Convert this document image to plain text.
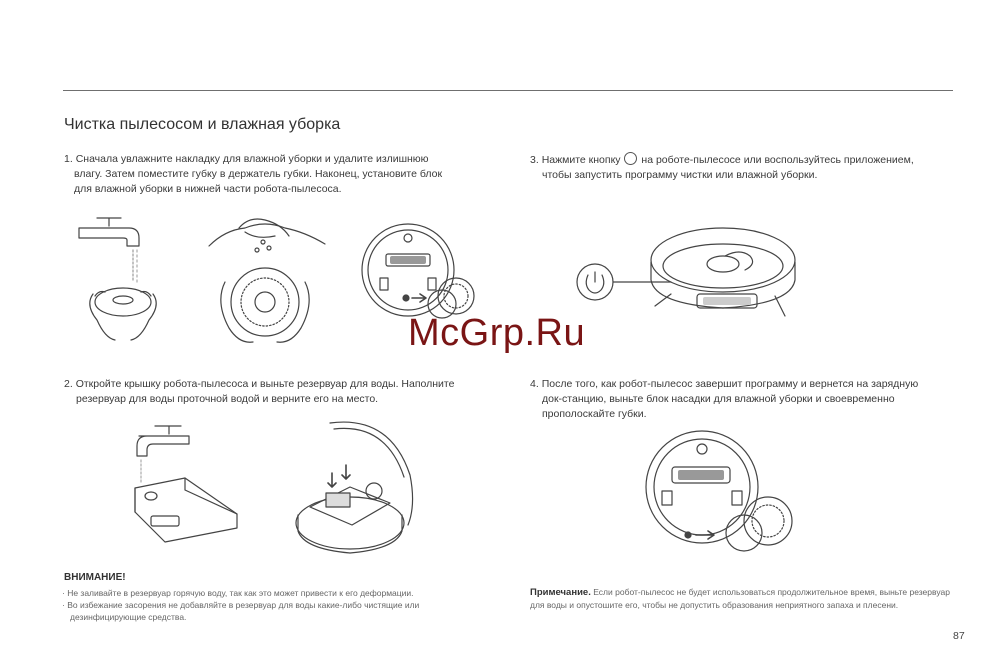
Чистка пылесосом и влажная уборка
1. Сначала увлажните накладку для влажной уборки и удалите излишнюю
влагу. Затем поместите губку в держатель губки. Наконец, установите блок
для влажной уборки в нижней части робота-пылесоса.
3. Нажмите кнопку на роботе-пылесосе или воспользуйтесь приложением,
чтобы запустить программу чистки или влажной уборки.
2. Откройте крышку робота-пылесоса и выньте резервуар для воды. Наполните
резервуар для воды проточной водой и верните его на место.
4. После того, как робот-пылесос завершит программу и вернется на зарядную
док-станцию, выньте блок насадки для влажной уборки и своевременно
прополоскайте губки.
McGrp.Ru
ВНИМАНИЕ!
· Не заливайте в резервуар горячую воду, так как это может привести к его деформации.
· Во избежание засорения не добавляйте в резервуар для воды какие-либо чистящие или
дезинфицирующие средства.
Примечание. Если робот-пылесос не будет использоваться продолжительное время, выньте резервуар для воды и опустошите его, чтобы не допустить образования неприятного запаха и плесени.
87
